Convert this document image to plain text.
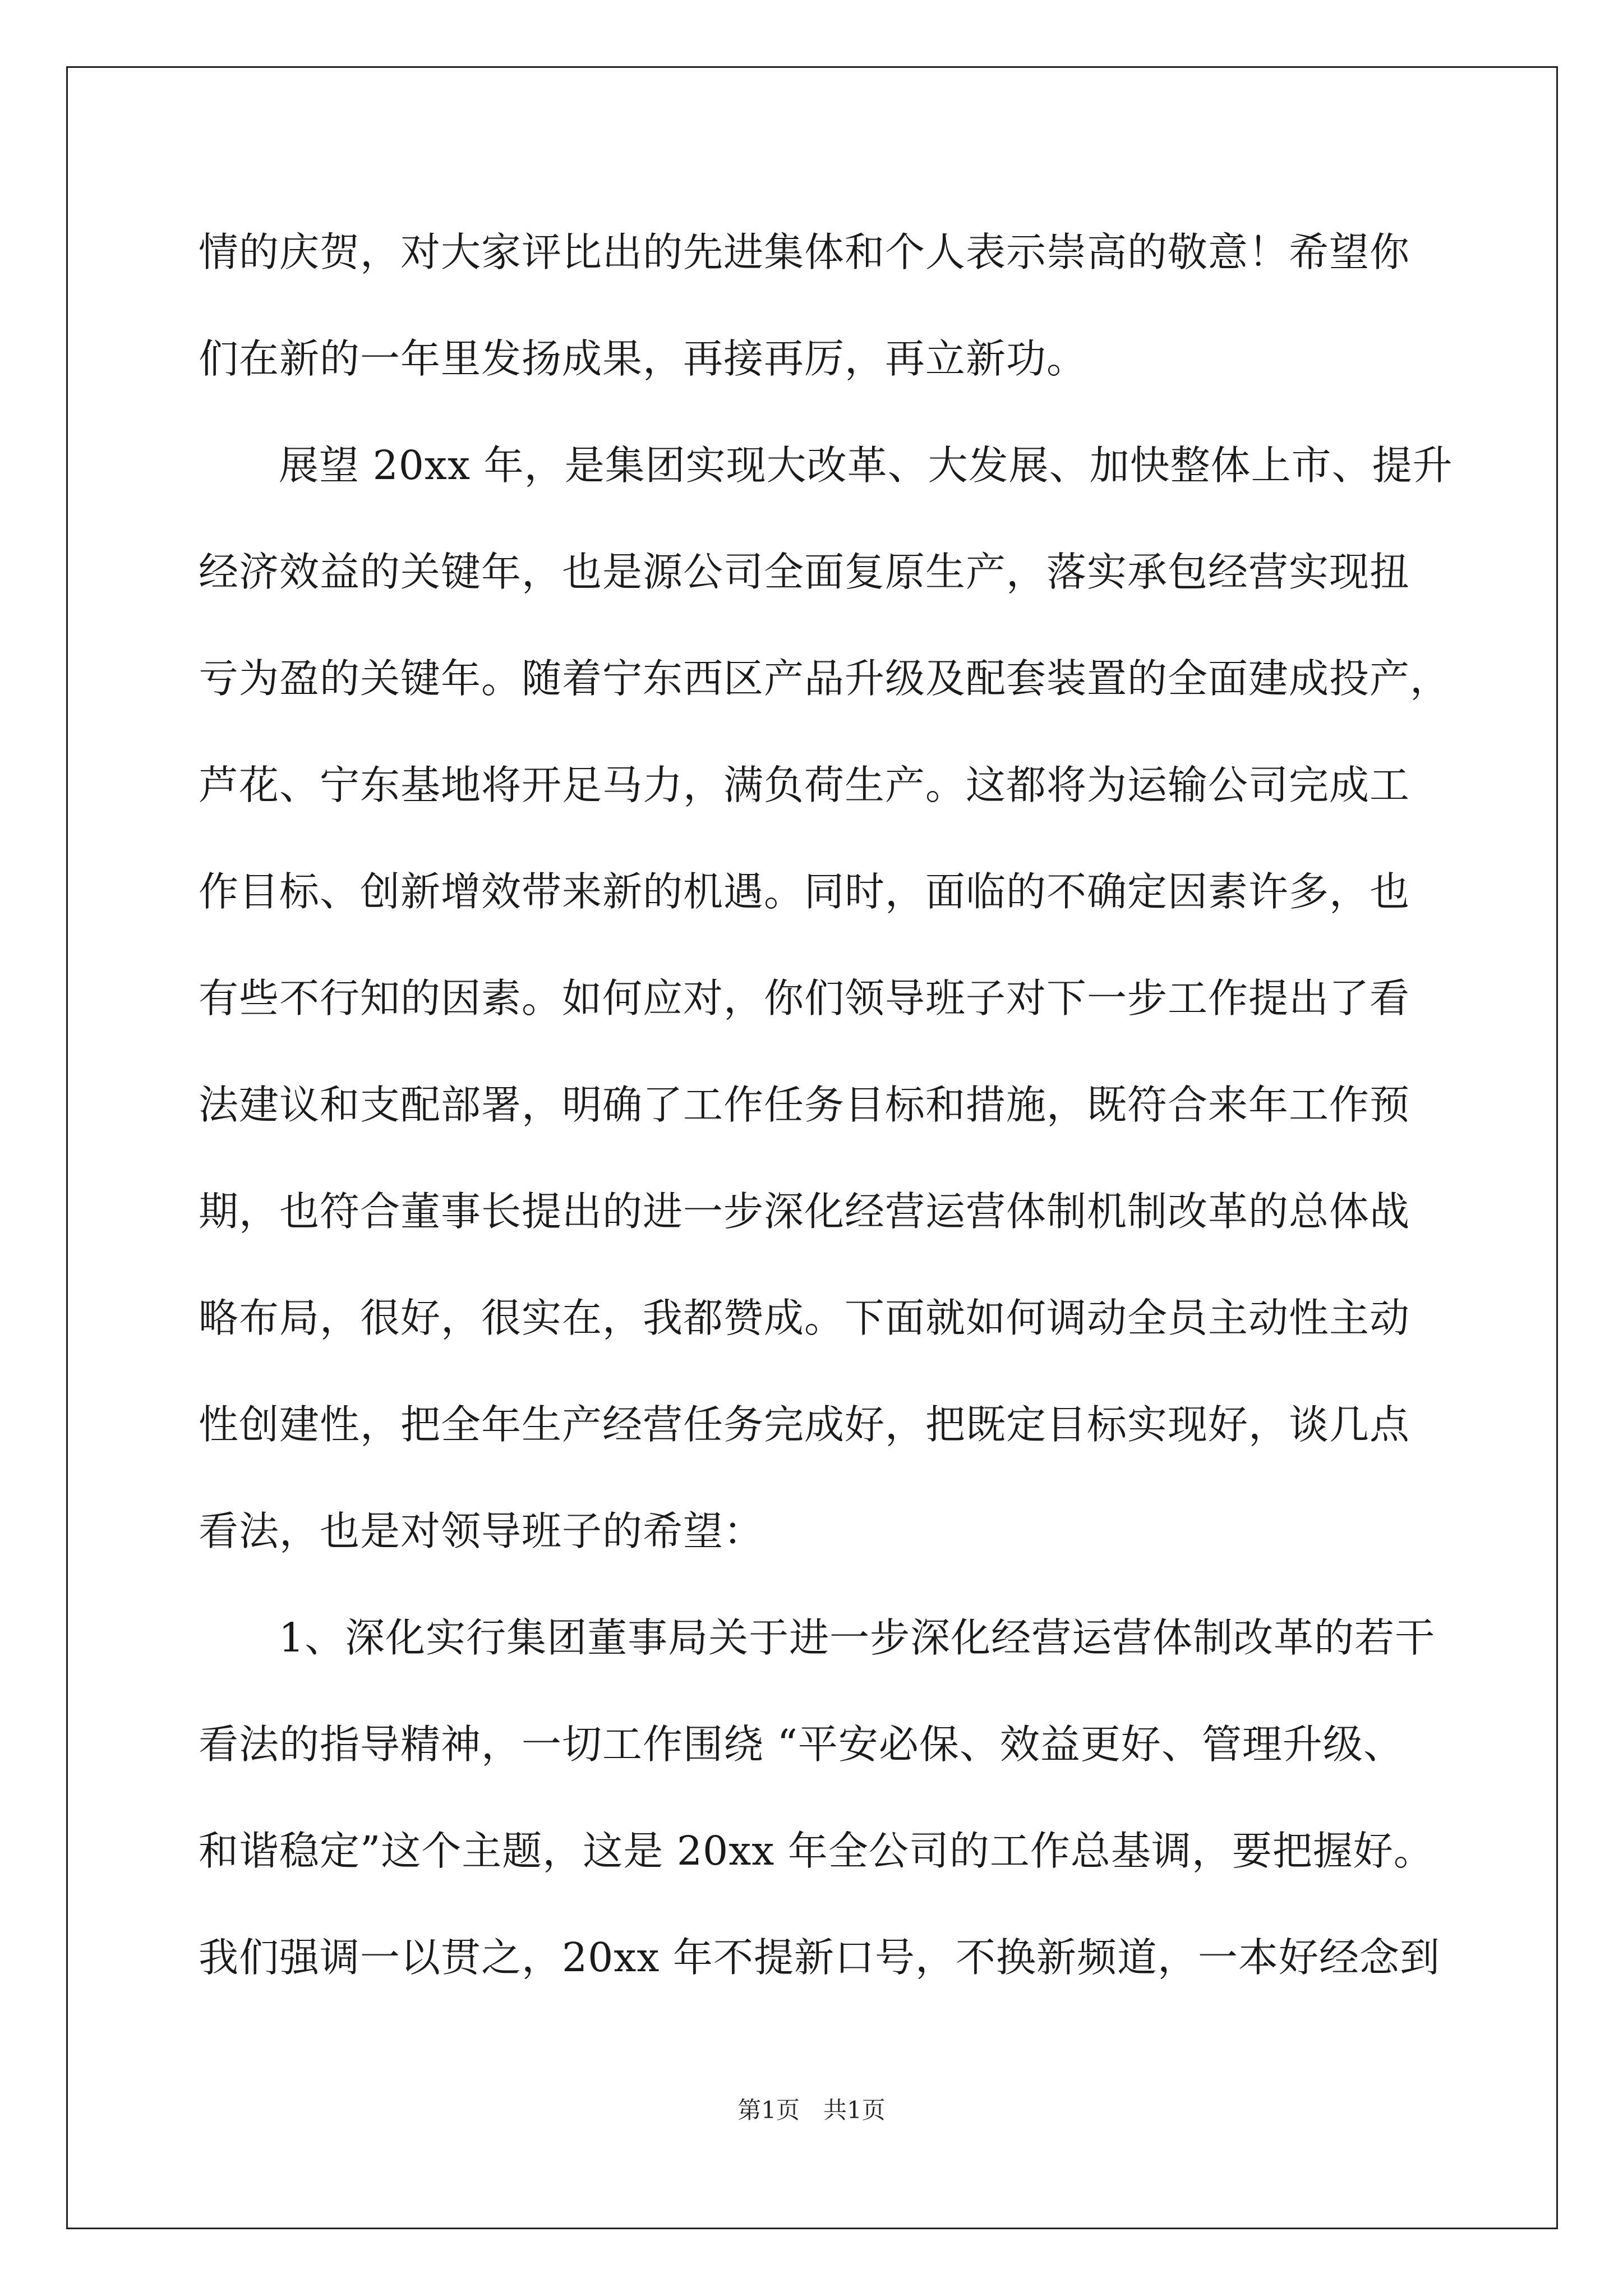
情的庆贺，对大家评比出的先进集体和个人表示崇高的敬意！希望你
们在新的一年里发扬成果，再接再厉，再立新功。
展望 20xx 年，是集团实现大改革、大发展、加快整体上市、提升
经济效益的关键年，也是源公司全面复原生产，落实承包经营实现扭
亏为盈的关键年。随着宁东西区产品升级及配套装置的全面建成投产，
芦花、宁东基地将开足马力，满负荷生产。这都将为运输公司完成工
作目标、创新增效带来新的机遇。同时，面临的不确定因素许多，也
有些不行知的因素。如何应对，你们领导班子对下一步工作提出了看
法建议和支配部署，明确了工作任务目标和措施，既符合来年工作预
期，也符合董事长提出的进一步深化经营运营体制机制改革的总体战
略布局，很好，很实在，我都赞成。下面就如何调动全员主动性主动
性创建性，把全年生产经营任务完成好，把既定目标实现好，谈几点
看法，也是对领导班子的希望：
1、深化实行集团董事局关于进一步深化经营运营体制改革的若干
看法的指导精神，一切工作围绕 “平安必保、效益更好、管理升级、
和谐稳定”这个主题，这是 20xx 年全公司的工作总基调，要把握好。
我们强调一以贯之，20xx 年不提新口号，不换新频道，一本好经念到
第1页　共1页
